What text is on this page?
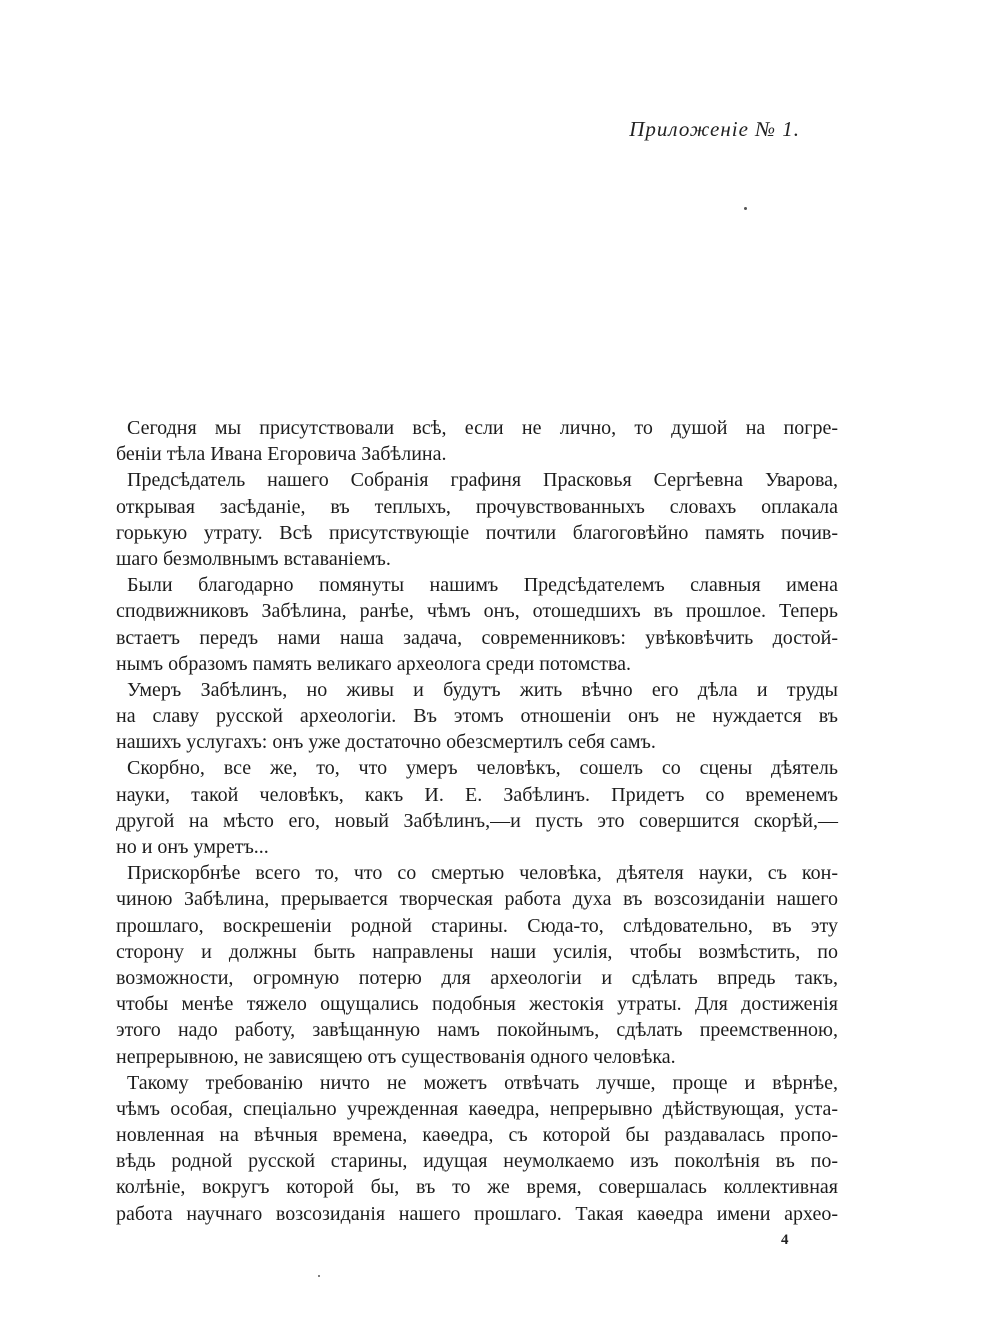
Приложеніе № 1.
Сегодня мы присутствовали всѣ, если не лично, то душой на погре-
беніи тѣла Ивана Егоровича Забѣлина.
Предсѣдатель нашего Собранія графиня Прасковья Сергѣевна Уварова,
открывая засѣданіе, въ теплыхъ, прочувствованныхъ словахъ оплакала
горькую утрату. Всѣ присутствующіе почтили благоговѣйно память почив-
шаго безмолвнымъ вставаніемъ.
Были благодарно помянуты нашимъ Предсѣдателемъ славныя имена
сподвижниковъ Забѣлина, ранѣе, чѣмъ онъ, отошедшихъ въ прошлое. Теперь
встаетъ передъ нами наша задача, современниковъ: увѣковѣчить достой-
нымъ образомъ память великаго археолога среди потомства.
Умеръ Забѣлинъ, но живы и будутъ жить вѣчно его дѣла и труды
на славу русской археологіи. Въ этомъ отношеніи онъ не нуждается въ
нашихъ услугахъ: онъ уже достаточно обезсмертилъ себя самъ.
Скорбно, все же, то, что умеръ человѣкъ, сошелъ со сцены дѣятель
науки, такой человѣкъ, какъ И. Е. Забѣлинъ. Придетъ со временемъ
другой на мѣсто его, новый Забѣлинъ,—и пусть это совершится скорѣй,—
но и онъ умретъ...
Прискорбнѣе всего то, что со смертью человѣка, дѣятеля науки, съ кон-
чиною Забѣлина, прерывается творческая работа духа въ возсозиданіи нашего
прошлаго, воскрешеніи родной старины. Сюда-то, слѣдовательно, въ эту
сторону и должны быть направлены наши усилія, чтобы возмѣстить, по
возможности, огромную потерю для археологіи и сдѣлать впредь такъ,
чтобы менѣе тяжело ощущались подобныя жестокія утраты. Для достиженія
этого надо работу, завѣщанную намъ покойнымъ, сдѣлать преемственною,
непрерывною, не зависящею отъ существованія одного человѣка.
Такому требованію ничто не можетъ отвѣчать лучше, проще и вѣрнѣе,
чѣмъ особая, спеціально учрежденная каѳедра, непрерывно дѣйствующая, уста-
новленная на вѣчныя времена, каѳедра, съ которой бы раздавалась пропо-
вѣдь родной русской старины, идущая неумолкаемо изъ поколѣнія въ по-
колѣніе, вокругъ которой бы, въ то же время, совершалась коллективная
работа научнаго возсозиданія нашего прошлаго. Такая каѳедра имени архео-
4
